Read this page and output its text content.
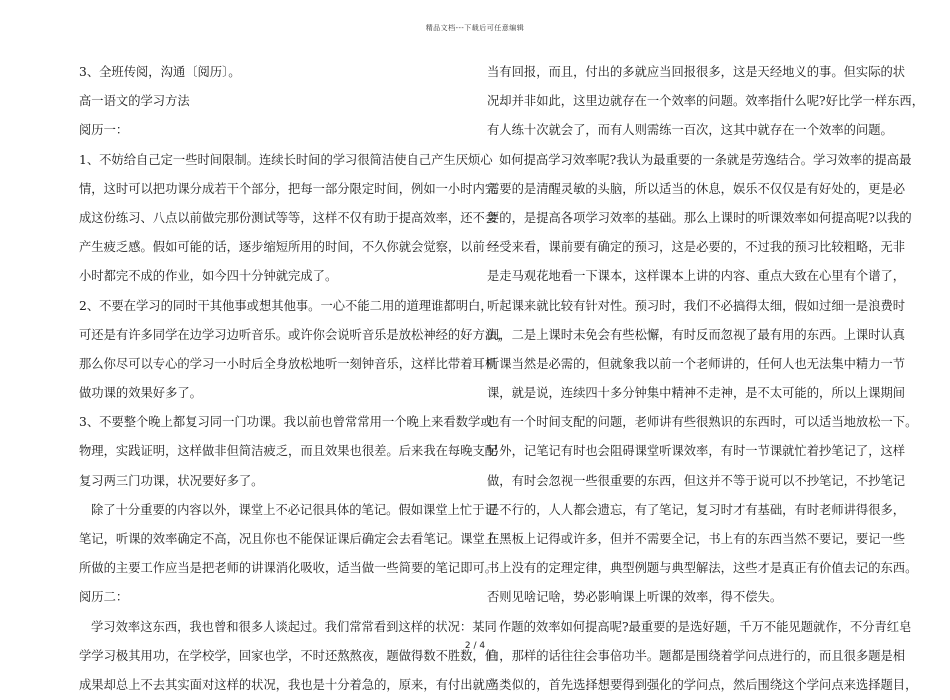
精品文档---下载后可任意编辑
3、全班传阅，沟通〔阅历〕。
高一语文的学习方法
阅历一：
1、不妨给自己定一些时间限制。连续长时间的学习很简洁使自己产生厌烦心
情，这时可以把功课分成若干个部分，把每一部分限定时间，例如一小时内完
成这份练习、八点以前做完那份测试等等，这样不仅有助于提高效率，还不会
产生疲乏感。假如可能的话，逐步缩短所用的时间，不久你就会觉察，以前一
小时都完不成的作业，如今四十分钟就完成了。
2、不要在学习的同时干其他事或想其他事。一心不能二用的道理谁都明白，
可还是有许多同学在边学习边听音乐。或许你会说听音乐是放松神经的好方法，
那么你尽可以专心的学习一小时后全身放松地听一刻钟音乐，这样比带着耳机
做功课的效果好多了。
3、不要整个晚上都复习同一门功课。我以前也曾常常用一个晚上来看数学或
物理，实践证明，这样做非但简洁疲乏，而且效果也很差。后来我在每晚支配
复习两三门功课，状况要好多了。
除了十分重要的内容以外，课堂上不必记很具体的笔记。假如课堂上忙于记
笔记，听课的效率确定不高，况且你也不能保证课后确定会去看笔记。课堂上
所做的主要工作应当是把老师的讲课消化吸收，适当做一些简要的笔记即可。
阅历二：
学习效率这东西，我也曾和很多人谈起过。我们常常看到这样的状况：某同
学学习极其用功，在学校学，回家也学，不时还熬熬夜，题做得数不胜数，但
成果却总上不去其实面对这样的状况，我也是十分着急的，原来，有付出就应
当有回报，而且，付出的多就应当回报很多，这是天经地义的事。但实际的状
况却并非如此，这里边就存在一个效率的问题。效率指什么呢?好比学一样东西，
有人练十次就会了，而有人则需练一百次，这其中就存在一个效率的问题。
如何提高学习效率呢?我认为最重要的一条就是劳逸结合。学习效率的提高最
需要的是清醒灵敏的头脑，所以适当的休息，娱乐不仅仅是有好处的，更是必
要的，是提高各项学习效率的基础。那么上课时的听课效率如何提高呢?以我的
经受来看，课前要有确定的预习，这是必要的，不过我的预习比较粗略，无非
是走马观花地看一下课本，这样课本上讲的内容、重点大致在心里有个谱了，
听起课来就比较有针对性。预习时，我们不必搞得太细，假如过细一是浪费时
间，二是上课时未免会有些松懈，有时反而忽视了最有用的东西。上课时认真
听课当然是必需的，但就象我以前一个老师讲的，任何人也无法集中精力一节
课，就是说，连续四十多分钟集中精神不走神，是不太可能的，所以上课期间
也有一个时间支配的问题，老师讲有些很熟识的东西时，可以适当地放松一下。
另外，记笔记有时也会阻碍课堂听课效率，有时一节课就忙着抄笔记了，这样
做，有时会忽视一些很重要的东西，但这并不等于说可以不抄笔记，不抄笔记
是不行的，人人都会遗忘，有了笔记，复习时才有基础，有时老师讲得很多，
在黑板上记得或许多，但并不需要全记，书上有的东西当然不要记，要记一些
书上没有的定理定律，典型例题与典型解法，这些才是真正有价值去记的东西。
否则见啥记啥，势必影响课上听课的效率，得不偿失。
作题的效率如何提高呢?最重要的是选好题，千万不能见题就作，不分青红皂
白，那样的话往往会事倍功半。题都是围绕着学问点进行的，而且很多题是相
当类似的，首先选择想要得到强化的学问点，然后围绕这个学问点来选择题目，
2 / 4
